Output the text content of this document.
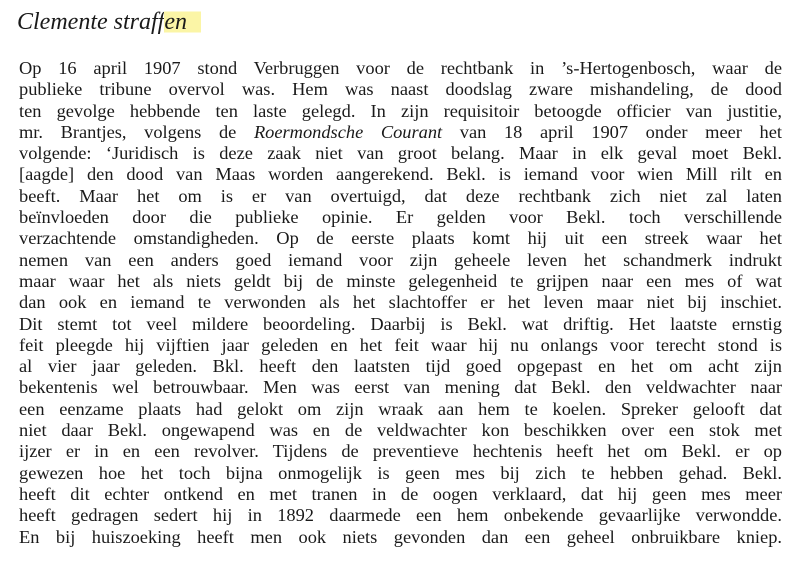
Clemente straffen
Op 16 april 1907 stond Verbruggen voor de rechtbank in ’s-Hertogenbosch, waar de
publieke tribune overvol was. Hem was naast doodslag zware mishandeling, de dood
ten gevolge hebbende ten laste gelegd. In zijn requisitoir betoogde officier van justitie,
mr. Brantjes, volgens de Roermondsche Courant van 18 april 1907 onder meer het
volgende: ‘Juridisch is deze zaak niet van groot belang. Maar in elk geval moet Bekl.
[aagde] den dood van Maas worden aangerekend. Bekl. is iemand voor wien Mill rilt en
beeft. Maar het om is er van overtuigd, dat deze rechtbank zich niet zal laten
beïnvloeden door die publieke opinie. Er gelden voor Bekl. toch verschillende
verzachtende omstandigheden. Op de eerste plaats komt hij uit een streek waar het
nemen van een anders goed iemand voor zijn geheele leven het schandmerk indrukt
maar waar het als niets geldt bij de minste gelegenheid te grijpen naar een mes of wat
dan ook en iemand te verwonden als het slachtoffer er het leven maar niet bij inschiet.
Dit stemt tot veel mildere beoordeling. Daarbij is Bekl. wat driftig. Het laatste ernstig
feit pleegde hij vijftien jaar geleden en het feit waar hij nu onlangs voor terecht stond is
al vier jaar geleden. Bkl. heeft den laatsten tijd goed opgepast en het om acht zijn
bekentenis wel betrouwbaar. Men was eerst van mening dat Bekl. den veldwachter naar
een eenzame plaats had gelokt om zijn wraak aan hem te koelen. Spreker gelooft dat
niet daar Bekl. ongewapend was en de veldwachter kon beschikken over een stok met
ijzer er in en een revolver. Tijdens de preventieve hechtenis heeft het om Bekl. er op
gewezen hoe het toch bijna onmogelijk is geen mes bij zich te hebben gehad. Bekl.
heeft dit echter ontkend en met tranen in de oogen verklaard, dat hij geen mes meer
heeft gedragen sedert hij in 1892 daarmede een hem onbekende gevaarlijke verwondde.
En bij huiszoeking heeft men ook niets gevonden dan een geheel onbruikbare kniep.
